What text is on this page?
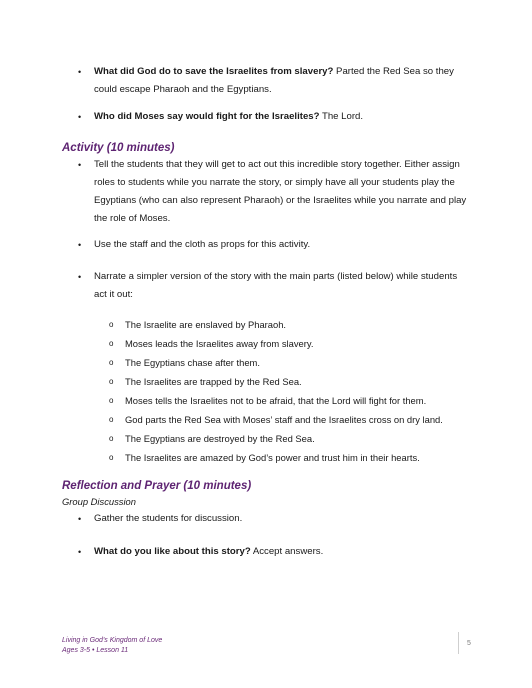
•	What did God do to save the Israelites from slavery? Parted the Red Sea so they
could escape Pharaoh and the Egyptians.
•	Who did Moses say would fight for the Israelites? The Lord.
Activity (10 minutes)
•	Tell the students that they will get to act out this incredible story together. Either assign
roles to students while you narrate the story, or simply have all your students play the
Egyptians (who can also represent Pharaoh) or the Israelites while you narrate and play
the role of Moses.
•	Use the staff and the cloth as props for this activity.
•	Narrate a simpler version of the story with the main parts (listed below) while students
act it out:
o The Israelite are enslaved by Pharaoh.
o Moses leads the Israelites away from slavery.
o The Egyptians chase after them.
o The Israelites are trapped by the Red Sea.
o Moses tells the Israelites not to be afraid, that the Lord will fight for them.
o God parts the Red Sea with Moses’ staff and the Israelites cross on dry land.
o The Egyptians are destroyed by the Red Sea.
o The Israelites are amazed by God’s power and trust him in their hearts.
Reflection and Prayer (10 minutes)
Group Discussion
•	Gather the students for discussion.
•	What do you like about this story? Accept answers.
Living in God’s Kingdom of Love
Ages 3-5 • Lesson 11
5
